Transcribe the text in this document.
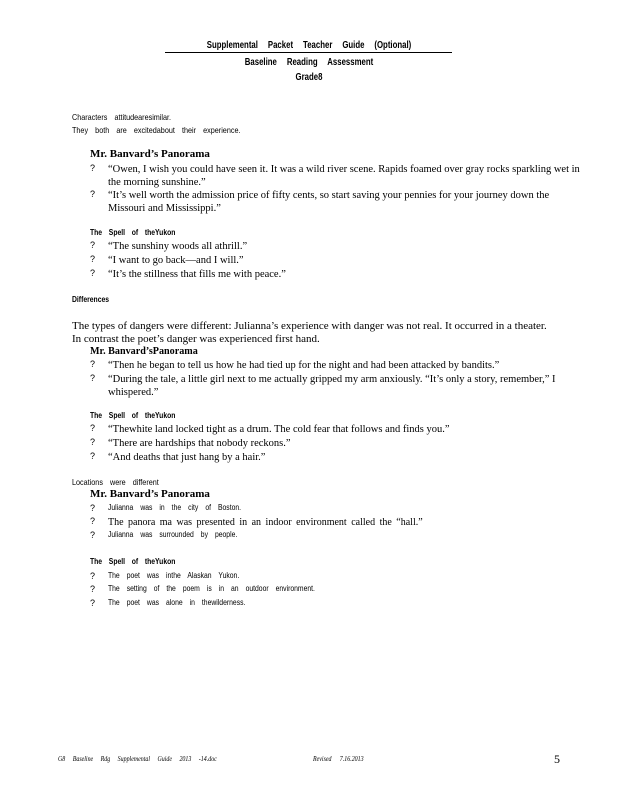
Supplemental Packet Teacher Guide (Optional)
Baseline Reading Assessment
Grade8
Characters attitudearesimilar.
They both are excitedabout their experience.
Mr. Banvard’s Panorama
? “Owen, I wish you could have seen it. It was a wild river scene. Rapids foamed over gray rocks sparkling wet in the morning sunshine.”
? “It’s well worth the admission price of fifty cents, so start saving your pennies for your journey down the Missouri and Mississippi.”
The Spell of theYukon
? “The sunshiny woods all athrill.”
? “I want to go back—and I will.”
? “It’s the stillness that fills me with peace.”
Differences
The types of dangers were different: Julianna’s experience with danger was not real. It occurred in a theater.
In contrast the poet’s danger was experienced first hand.
Mr. Banvard’sPanorama
? “Then he began to tell us how he had tied up for the night and had been attacked by bandits.”
? “During the tale, a little girl next to me actually gripped my arm anxiously. “It’s only a story, remember,” I whispered.”
The Spell of theYukon
? “Thewhite land locked tight as a drum. The cold fear that follows and finds you.”
? “There are hardships that nobody reckons.”
? “And deaths that just hang by a hair.”
Locations were different
Mr. Banvard’s Panorama
? Julianna was in the city of Boston.
? The panora ma was presented in an indoor environment called the “hall.”
? Julianna was surrounded by people.
The Spell of theYukon
? The poet was inthe Alaskan Yukon.
? The setting of the poem is in an outdoor environment.
? The poet was alone in thewilderness.
G8 Baseline Rdg Supplemental Guide 2013 -14.doc	Revised 7.16.2013	5
